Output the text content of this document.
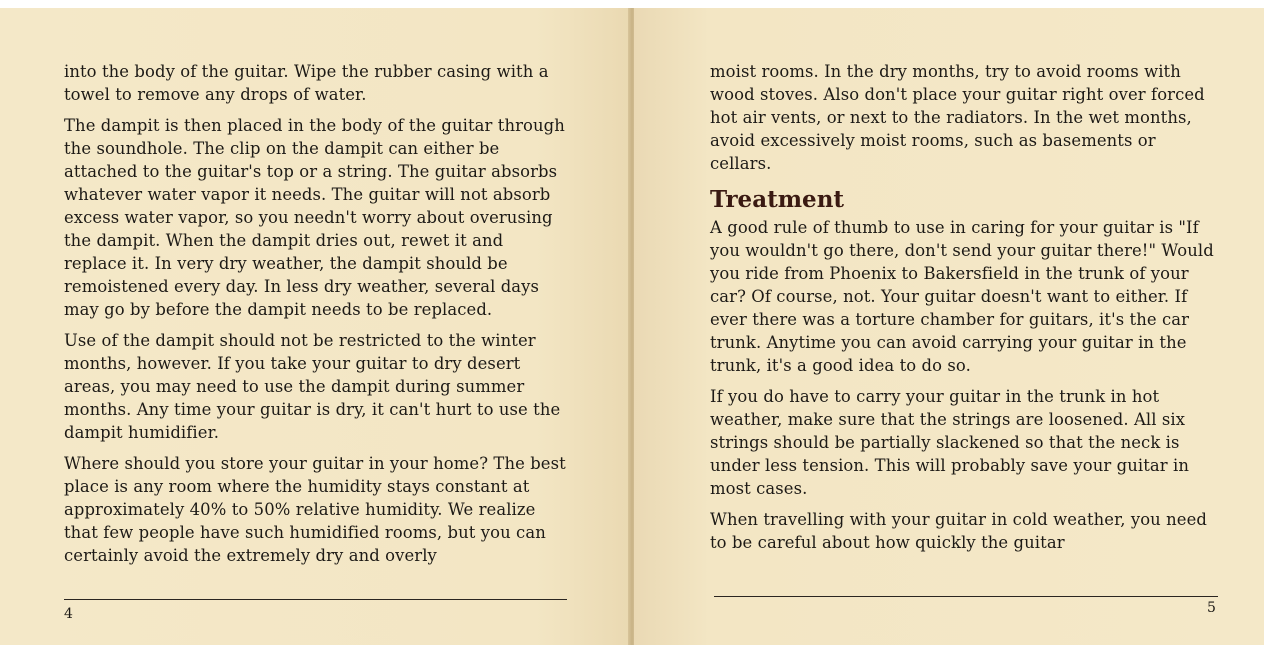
into the body of the guitar. Wipe the rubber casing with a towel to remove any drops of water.

The dampit is then placed in the body of the guitar through the soundhole. The clip on the dampit can either be attached to the guitar's top or a string. The guitar absorbs whatever water vapor it needs. The guitar will not absorb excess water vapor, so you needn't worry about overusing the dampit. When the dampit dries out, rewet it and replace it. In very dry weather, the dampit should be remoistened every day. In less dry weather, several days may go by before the dampit needs to be replaced.

Use of the dampit should not be restricted to the winter months, however. If you take your guitar to dry desert areas, you may need to use the dampit during summer months. Any time your guitar is dry, it can't hurt to use the dampit humidifier.

Where should you store your guitar in your home? The best place is any room where the humidity stays constant at approximately 40% to 50% relative humidity. We realize that few people have such humidified rooms, but you can certainly avoid the extremely dry and overly

4

moist rooms. In the dry months, try to avoid rooms with wood stoves. Also don't place your guitar right over forced hot air vents, or next to the radiators. In the wet months, avoid excessively moist rooms, such as basements or cellars.

Treatment

A good rule of thumb to use in caring for your guitar is "If you wouldn't go there, don't send your guitar there!" Would you ride from Phoenix to Bakersfield in the trunk of your car? Of course, not. Your guitar doesn't want to either. If ever there was a torture chamber for guitars, it's the car trunk. Anytime you can avoid carrying your guitar in the trunk, it's a good idea to do so.

If you do have to carry your guitar in the trunk in hot weather, make sure that the strings are loosened. All six strings should be partially slackened so that the neck is under less tension. This will probably save your guitar in most cases.

When travelling with your guitar in cold weather, you need to be careful about how quickly the guitar

5
